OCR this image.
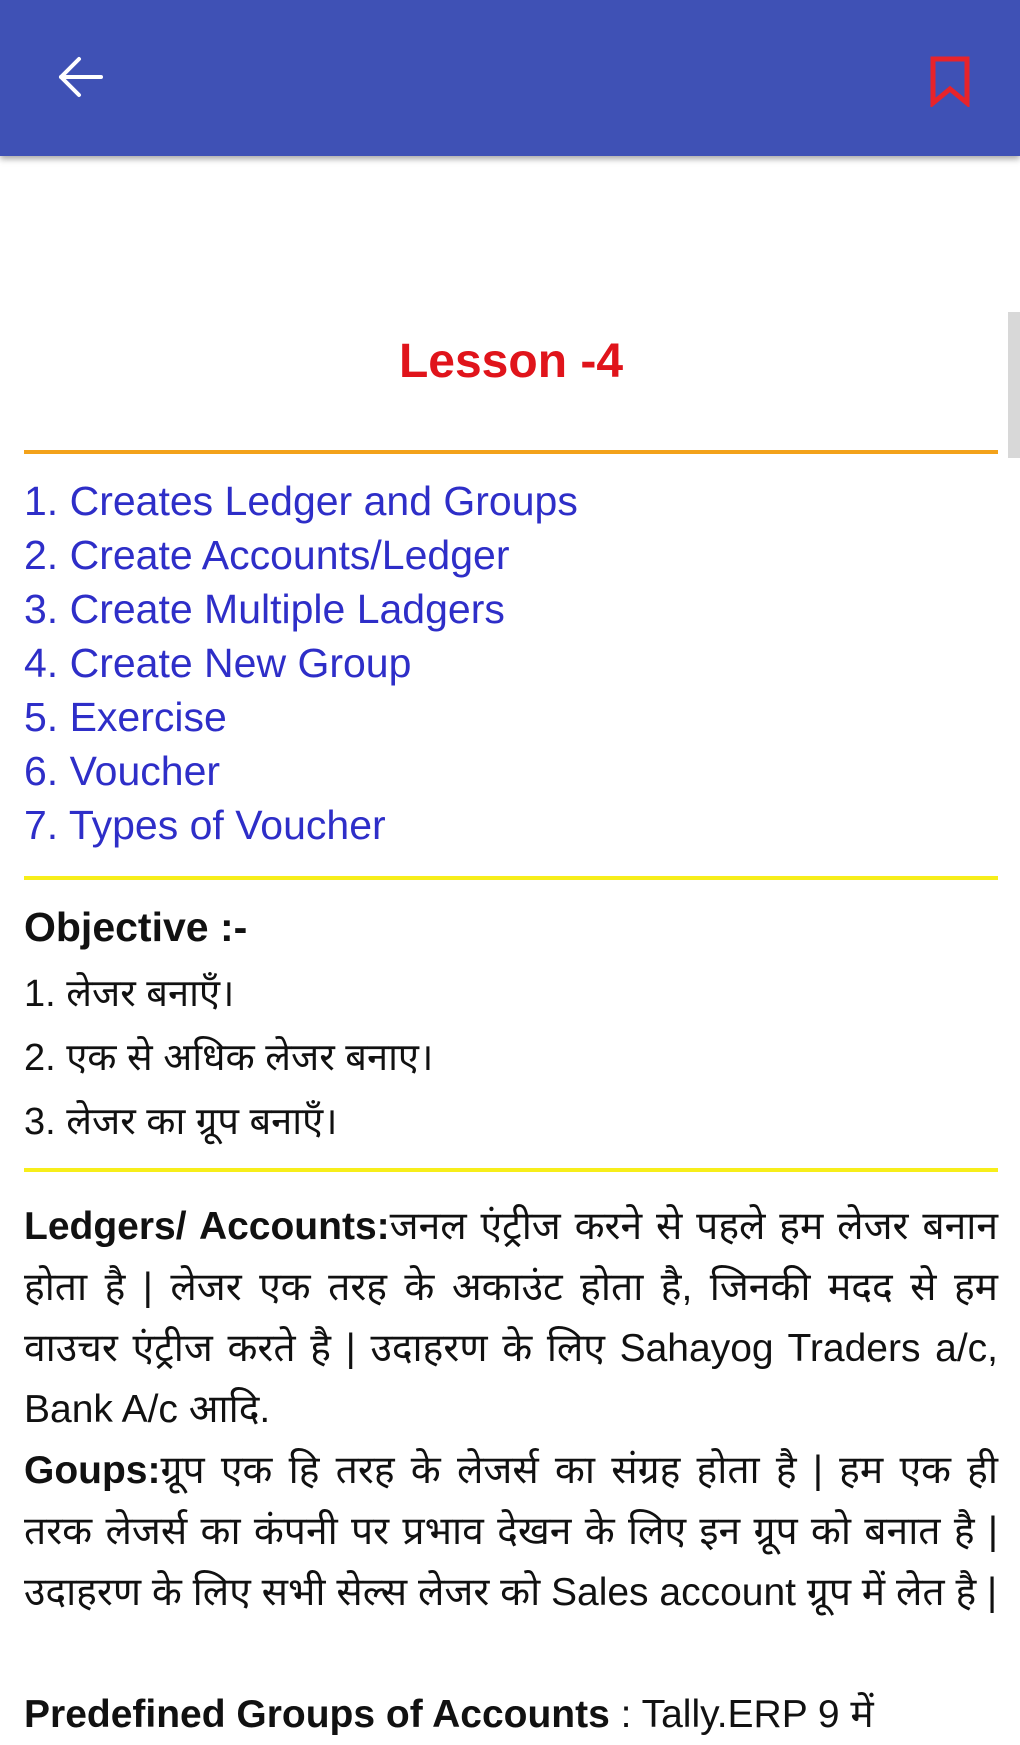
Lesson -4
1. Creates Ledger and Groups
2. Create Accounts/Ledger
3. Create Multiple Ladgers
4. Create New Group
5. Exercise
6. Voucher
7. Types of Voucher
Objective :-
1. लेजर बनाएँ।
2. एक से अधिक लेजर बनाए।
3. लेजर का ग्रूप बनाएँ।
Ledgers/ Accounts:जनल एंट्रीज करने से पहले हम लेजर बनान होता है | लेजर एक तरह के अकाउंट होता है, जिनकी मदद से हम वाउचर एंट्रीज करते है | उदाहरण के लिए Sahayog Traders a/c, Bank A/c आदि.
Goups:ग्रूप एक हि तरह के लेजर्स का संग्रह होता है | हम एक ही तरक लेजर्स का कंपनी पर प्रभाव देखन के लिए इन ग्रूप को बनात है | उदाहरण के लिए सभी सेल्स लेजर को Sales account ग्रूप में लेत है |
Predefined Groups of Accounts : Tally.ERP 9 में
